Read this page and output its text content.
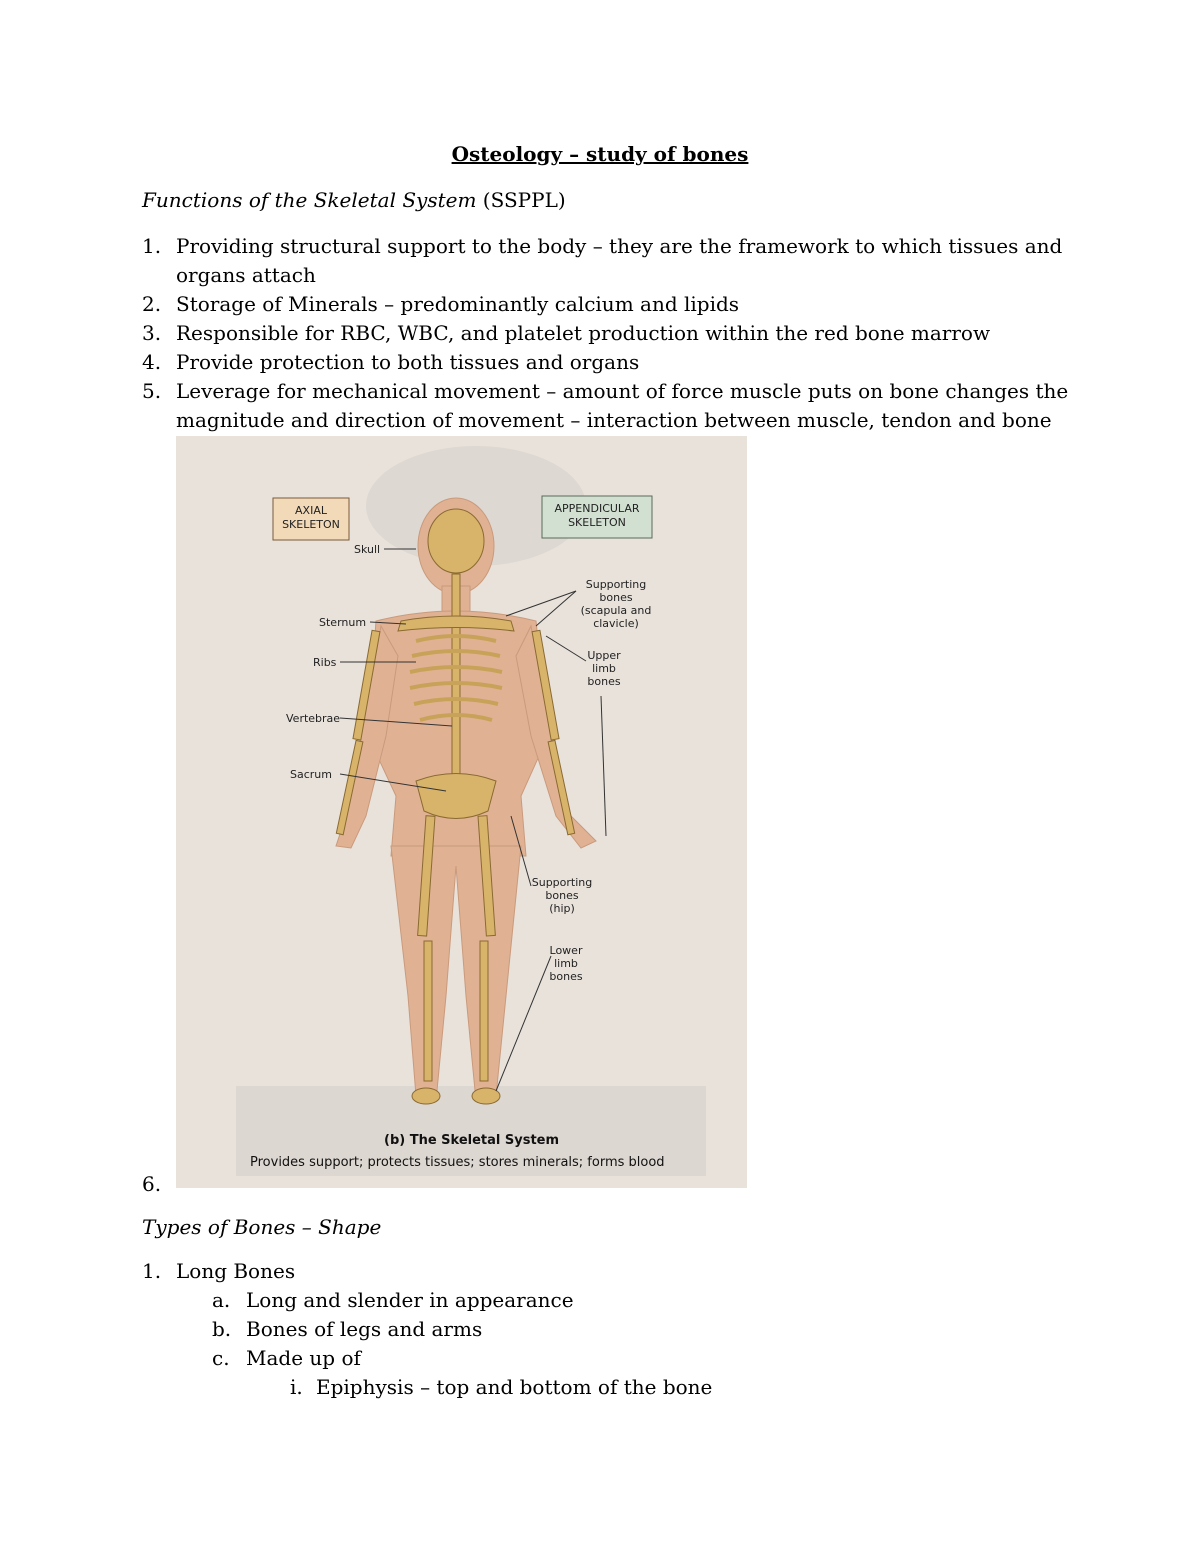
Osteology – study of bones
Functions of the Skeletal System (SSPPL)
1. Providing structural support to the body – they are the framework to which tissues and
organs attach
2. Storage of Minerals – predominantly calcium and lipids
3. Responsible for RBC, WBC, and platelet production within the red bone marrow
4. Provide protection to both tissues and organs
5. Leverage for mechanical movement – amount of force muscle puts on bone changes the
magnitude and direction of movement – interaction between muscle, tendon and bone
AXIAL
SKELETON
APPENDICULAR
SKELETON
Skull
Sternum
Ribs
Vertebrae
Sacrum
Supporting
bones
(scapula and
clavicle)
Upper
limb
bones
Supporting
bones
(hip)
Lower
limb
bones
(b) The Skeletal System
Provides support; protects tissues; stores minerals; forms blood
6.
Types of Bones – Shape
1. Long Bones
a. Long and slender in appearance
b. Bones of legs and arms
c. Made up of
i. Epiphysis – top and bottom of the bone
